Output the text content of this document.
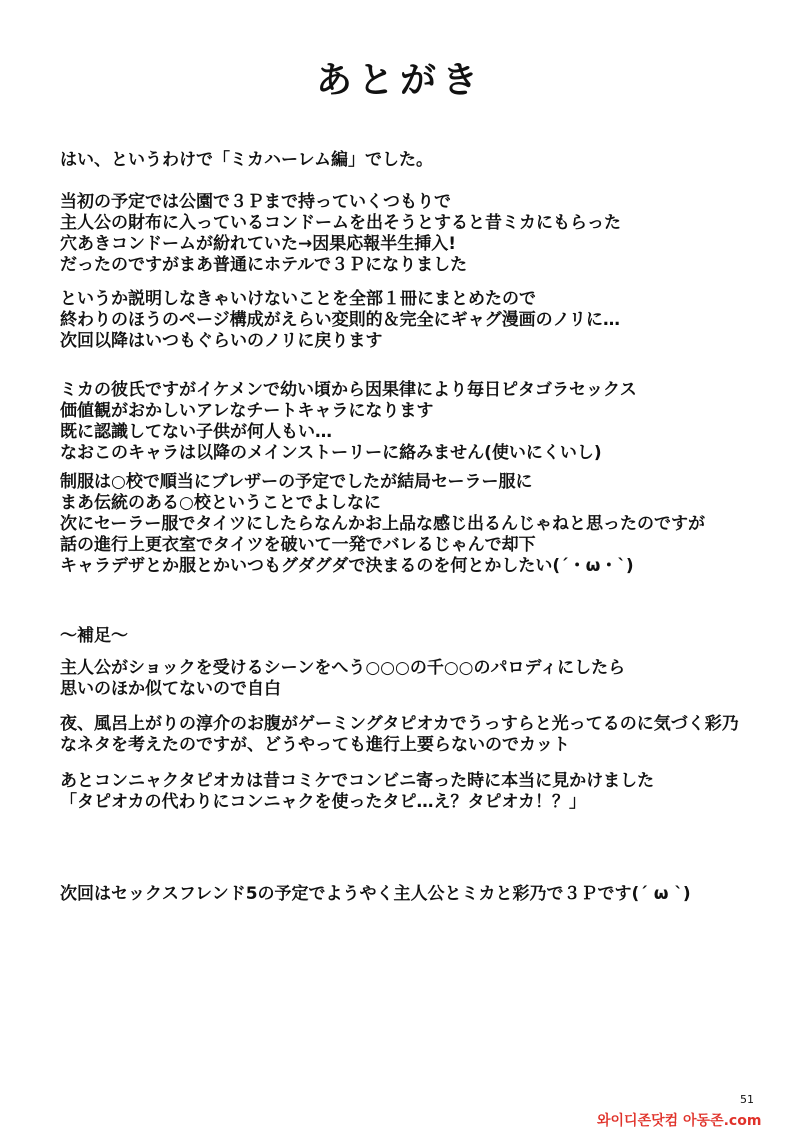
あとがき
はい、というわけで「ミカハーレム編」でした。
当初の予定では公園で３Ｐまで持っていくつもりで
主人公の財布に入っているコンドームを出そうとすると昔ミカにもらった
穴あきコンドームが紛れていた→因果応報半生挿入!
だったのですがまあ普通にホテルで３Ｐになりました
というか説明しなきゃいけないことを全部１冊にまとめたので
終わりのほうのページ構成がえらい変則的＆完全にギャグ漫画のノリに…
次回以降はいつもぐらいのノリに戻ります
ミカの彼氏ですがイケメンで幼い頃から因果律により毎日ピタゴラセックス
価値観がおかしいアレなチートキャラになります
既に認識してない子供が何人もい…
なおこのキャラは以降のメインストーリーに絡みません(使いにくいし)
制服は○校で順当にブレザーの予定でしたが結局セーラー服に
まあ伝統のある○校ということでよしなに
次にセーラー服でタイツにしたらなんかお上品な感じ出るんじゃねと思ったのですが
話の進行上更衣室でタイツを破いて一発でバレるじゃんで却下
キャラデザとか服とかいつもグダグダで決まるのを何とかしたい(´・ω・`)
～補足～
主人公がショックを受けるシーンをへう○○○の千○○のパロディにしたら
思いのほか似てないので自白
夜、風呂上がりの淳介のお腹がゲーミングタピオカでうっすらと光ってるのに気づく彩乃
なネタを考えたのですが、どうやっても進行上要らないのでカット
あとコンニャクタピオカは昔コミケでコンビニ寄った時に本当に見かけました
「タピオカの代わりにコンニャクを使ったタピ…え？タピオカ！？」
次回はセックスフレンド5の予定でようやく主人公とミカと彩乃で３Ｐです(´ ω `)
51
와이디존닷컴 아동존.com
